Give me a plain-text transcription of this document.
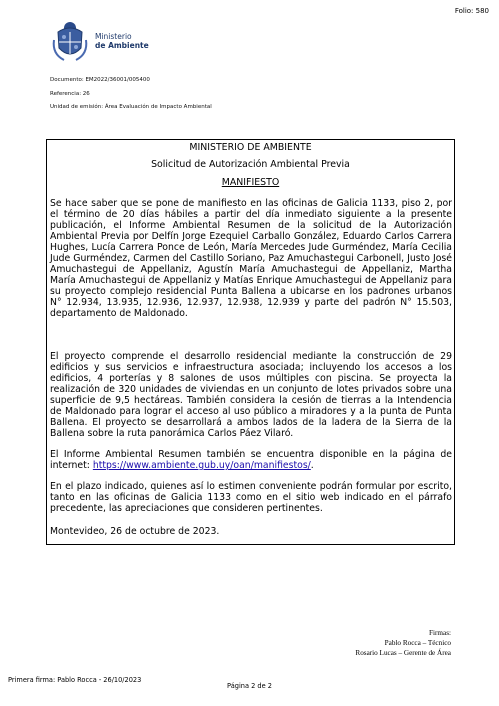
Folio: 580
Ministerio
de Ambiente
Documento: EM2022/36001/005400
Referencia: 26
Unidad de emisión: Área Evaluación de Impacto Ambiental
MINISTERIO DE AMBIENTE
Solicitud de Autorización Ambiental Previa
MANIFIESTO

Se hace saber que se pone de manifiesto en las oficinas de Galicia 1133, piso 2, por el término de 20 días hábiles a partir del día inmediato siguiente a la presente publicación, el Informe Ambiental Resumen de la solicitud de la Autorización Ambiental Previa por Delfín Jorge Ezequiel Carballo González, Eduardo Carlos Carrera Hughes, Lucía Carrera Ponce de León, María Mercedes Jude Gurméndez, María Cecilia Jude Gurméndez, Carmen del Castillo Soriano, Paz Amuchastegui Carbonell, Justo José Amuchastegui de Appellaniz, Agustín María Amuchastegui de Appellaniz, Martha María Amuchastegui de Appellaniz y Matías Enrique Amuchastegui de Appellaniz para su proyecto complejo residencial Punta Ballena a ubicarse en los padrones urbanos N° 12.934, 13.935, 12.936, 12.937, 12.938, 12.939 y parte del padrón N° 15.503, departamento de Maldonado.

El proyecto comprende el desarrollo residencial mediante la construcción de 29 edificios y sus servicios e infraestructura asociada; incluyendo los accesos a los edificios, 4 porterías y 8 salones de usos múltiples con piscina. Se proyecta la realización de 320 unidades de viviendas en un conjunto de lotes privados sobre una superficie de 9,5 hectáreas. También considera la cesión de tierras a la Intendencia de Maldonado para lograr el acceso al uso público a miradores y a la punta de Punta Ballena. El proyecto se desarrollará a ambos lados de la ladera de la Sierra de la Ballena sobre la ruta panorámica Carlos Páez Vilaró.

El Informe Ambiental Resumen también se encuentra disponible en la página de internet: https://www.ambiente.gub.uy/oan/manifiestos/.

En el plazo indicado, quienes así lo estimen conveniente podrán formular por escrito, tanto en las oficinas de Galicia 1133 como en el sitio web indicado en el párrafo precedente, las apreciaciones que consideren pertinentes.

Montevideo, 26 de octubre de 2023.

Firmas:
Pablo Rocca – Técnico
Rosario Lucas – Gerente de Área
Primera firma: Pablo Rocca - 26/10/2023
Página 2 de 2
